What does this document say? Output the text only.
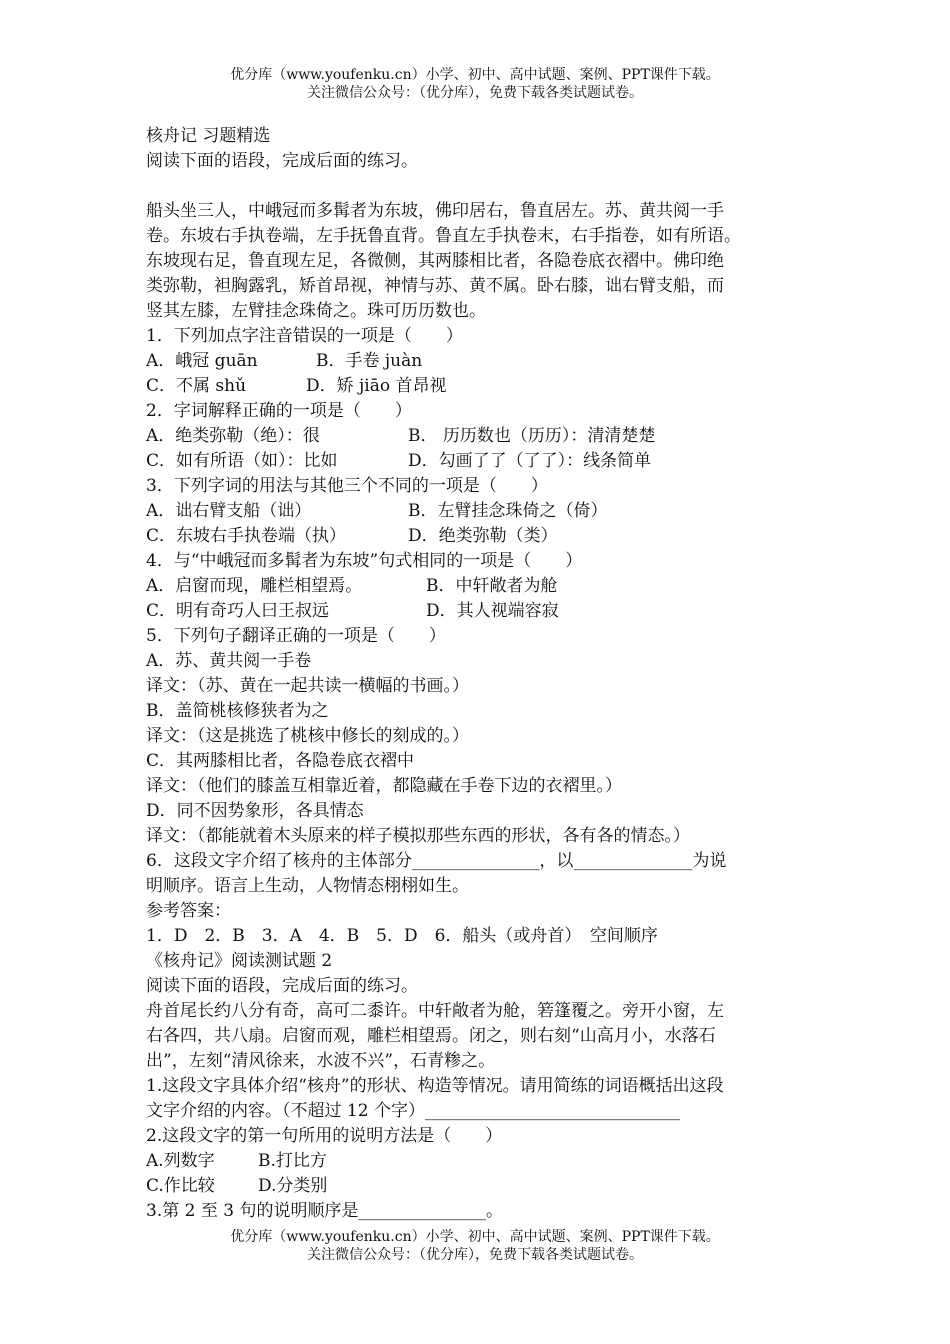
优分库（www.youfenku.cn）小学、初中、高中试题、案例、PPT课件下载。
关注微信公众号：（优分库），免费下载各类试题试卷。
核舟记 习题精选
阅读下面的语段，完成后面的练习。
船头坐三人，中峨冠而多髯者为东坡，佛印居右，鲁直居左。苏、黄共阅一手
卷。东坡右手执卷端，左手抚鲁直背。鲁直左手执卷末，右手指卷，如有所语。
东坡现右足，鲁直现左足，各微侧，其两膝相比者，各隐卷底衣褶中。佛印绝
类弥勒，袒胸露乳，矫首昂视，神情与苏、黄不属。卧右膝，诎右臂支船，而
竖其左膝，左臂挂念珠倚之。珠可历历数也。
1．下列加点字注音错误的一项是（　　）
A．峨冠 guān	B．手卷 juàn
C．不属 shǔ	D．矫 jiāo 首昂视
2．字词解释正确的一项是（　　）
A．绝类弥勒（绝）：很	B． 历历数也（历历）：清清楚楚
C．如有所语（如）：比如	D．勾画了了（了了）：线条简单
3．下列字词的用法与其他三个不同的一项是（　　）
A．诎右臂支船（诎）	B．左臂挂念珠倚之（倚）
C．东坡右手执卷端（执）	D．绝类弥勒（类）
4．与“中峨冠而多髯者为东坡”句式相同的一项是（　　）
A．启窗而现，雕栏相望焉。	B．中轩敞者为舱
C．明有奇巧人曰王叔远	D．其人视端容寂
5．下列句子翻译正确的一项是（　　）
A．苏、黄共阅一手卷
译文：（苏、黄在一起共读一横幅的书画。）
B．盖简桃核修狭者为之
译文：（这是挑选了桃核中修长的刻成的。）
C．其两膝相比者，各隐卷底衣褶中
译文：（他们的膝盖互相靠近着，都隐藏在手卷下边的衣褶里。）
D．同不因势象形，各具情态
译文：（都能就着木头原来的样子模拟那些东西的形状，各有各的情态。）
6．这段文字介绍了核舟的主体部分_______________，以______________为说
明顺序。语言上生动，人物情态栩栩如生。
参考答案：
1．D　2．B　3．A　4．B　5．D　6．船头（或舟首）　空间顺序
《核舟记》阅读测试题 2
阅读下面的语段，完成后面的练习。
舟首尾长约八分有奇，高可二黍许。中轩敞者为舱，箬篷覆之。旁开小窗，左
右各四，共八扇。启窗而观，雕栏相望焉。闭之，则右刻“山高月小，水落石
出”，左刻“清风徐来，水波不兴”，石青糁之。
1.这段文字具体介绍“核舟”的形状、构造等情况。请用简练的词语概括出这段
文字介绍的内容。（不超过 12 个字）______________________________
2.这段文字的第一句所用的说明方法是（　　）
A.列数字	B.打比方
C.作比较	D.分类别
3.第 2 至 3 句的说明顺序是_______________。
优分库（www.youfenku.cn）小学、初中、高中试题、案例、PPT课件下载。
关注微信公众号：（优分库），免费下载各类试题试卷。
